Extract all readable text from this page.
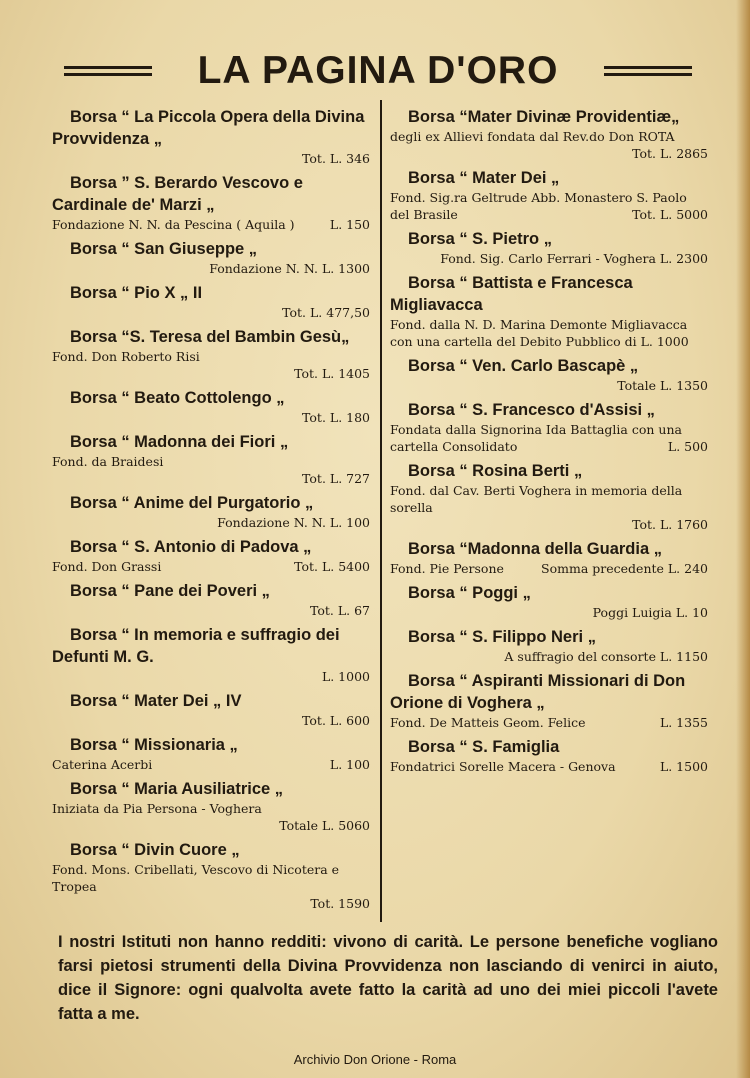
LA PAGINA D'ORO
Borsa “ La Piccola Opera della Divina Provvidenza „
Tot. L. 346
Borsa ” S. Berardo Vescovo e Cardinale de' Marzi „
Fondazione N. N. da Pescina ( Aquila )	L. 150
Borsa “ San Giuseppe „
Fondazione N. N. L. 1300
Borsa “ Pio X „ II
Tot. L. 477,50
Borsa “S. Teresa del Bambin Gesù„
Fond. Don Roberto Risi
Tot. L. 1405
Borsa “ Beato Cottolengo „
Tot. L. 180
Borsa “ Madonna dei Fiori „
Fond. da Braidesi
Tot. L. 727
Borsa “ Anime del Purgatorio „
Fondazione N. N. L. 100
Borsa “ S. Antonio di Padova „
Fond. Don Grassi	Tot. L. 5400
Borsa “ Pane dei Poveri „
Tot. L. 67
Borsa “ In memoria e suffragio dei Defunti M. G.
L. 1000
Borsa “ Mater Dei „ IV
Tot. L. 600
Borsa “ Missionaria „
Caterina Acerbi	L. 100
Borsa “ Maria Ausiliatrice „
Iniziata da Pia Persona - Voghera
Totale L. 5060
Borsa “ Divin Cuore „
Fond. Mons. Cribellati, Vescovo di Nicotera e Tropea
Tot. 1590
Borsa “Mater Divinæ Providentiæ„
degli ex Allievi fondata dal Rev.do Don ROTA
Tot. L. 2865
Borsa “ Mater Dei „
Fond. Sig.ra Geltrude Abb. Monastero S. Paolo
del Brasile	Tot. L. 5000
Borsa “ S. Pietro „
Fond. Sig. Carlo Ferrari - Voghera L. 2300
Borsa “ Battista e Francesca Migliavacca
Fond. dalla N. D. Marina Demonte Migliavacca con una cartella del Debito Pubblico di L. 1000
Borsa “ Ven. Carlo Bascapè „
Totale L. 1350
Borsa “ S. Francesco d'Assisi „
Fondata dalla Signorina Ida Battaglia con una
cartella Consolidato	L. 500
Borsa “ Rosina Berti „
Fond. dal Cav. Berti Voghera in memoria della sorella
Tot. L. 1760
Borsa “Madonna della Guardia „
Fond. Pie Persone	Somma precedente L. 240
Borsa “ Poggi „
Poggi Luigia L. 10
Borsa “ S. Filippo Neri „
A suffragio del consorte L. 1150
Borsa “ Aspiranti Missionari di Don Orione di Voghera „
Fond. De Matteis Geom. Felice	L. 1355
Borsa “ S. Famiglia
Fondatrici Sorelle Macera - Genova	L. 1500
I nostri Istituti non hanno redditi: vivono di carità. Le persone benefiche vogliano farsi pietosi strumenti della Divina Provvidenza non lasciando di venirci in aiuto, dice il Signore: ogni qualvolta avete fatto la carità ad uno dei miei piccoli l'avete fatta a me.
Archivio Don Orione - Roma
